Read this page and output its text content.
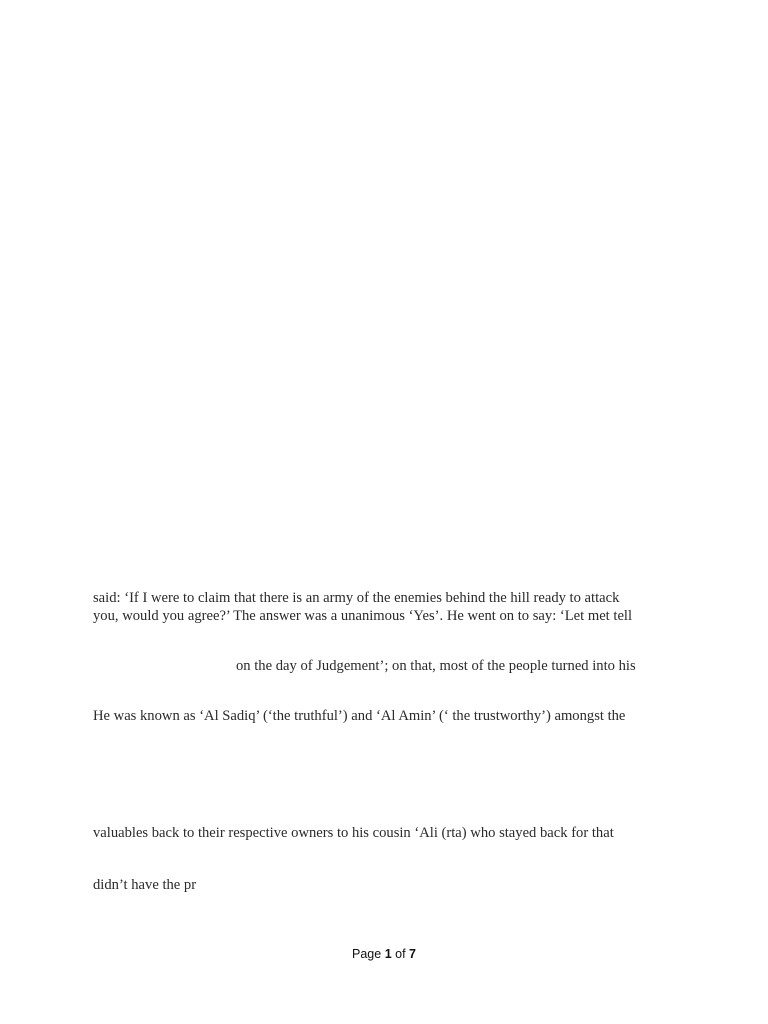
said: ‘If I were to claim that there is an army of the enemies behind the hill ready to attack
you, would you agree?’ The answer was a unanimous ‘Yes’. He went on to say: ‘Let met tell
on the day of Judgement’; on that, most of the people turned into his
He was known as ‘Al Sadiq’ (‘the truthful’) and ‘Al Amin’ (‘ the trustworthy’) amongst the
valuables back to their respective owners to his cousin ‘Ali (rta) who stayed back for that
didn’t have the pr
Page 1 of 7
